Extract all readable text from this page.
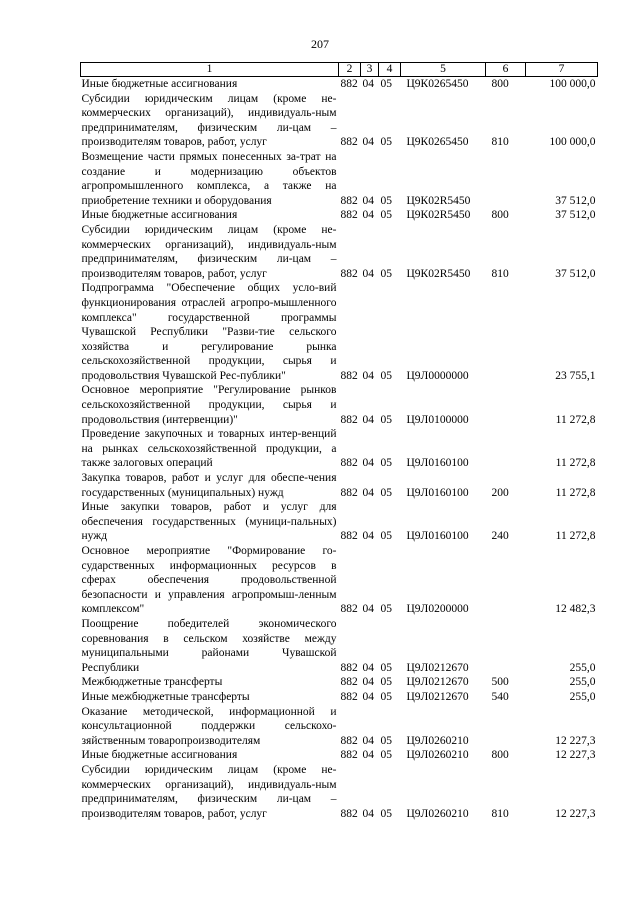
207
1	2	3	4	5	6	7
Иные бюджетные ассигнования	882	04	05	Ц9К0265450	800	100 000,0
Субсидии юридическим лицам (кроме не-коммерческих организаций), индивидуаль-ным предпринимателям, физическим ли-цам – производителям товаров, работ, услуг	882	04	05	Ц9К0265450	810	100 000,0
Возмещение части прямых понесенных за-трат на создание и модернизацию объектов агропромышленного комплекса, а также на приобретение техники и оборудования	882	04	05	Ц9К02R5450		37 512,0
Иные бюджетные ассигнования	882	04	05	Ц9К02R5450	800	37 512,0
Субсидии юридическим лицам (кроме не-коммерческих организаций), индивидуаль-ным предпринимателям, физическим ли-цам – производителям товаров, работ, услуг	882	04	05	Ц9К02R5450	810	37 512,0
Подпрограмма "Обеспечение общих усло-вий функционирования отраслей агропро-мышленного комплекса" государственной программы Чувашской Республики "Разви-тие сельского хозяйства и регулирование рынка сельскохозяйственной продукции, сырья и продовольствия Чувашской Рес-публики"	882	04	05	Ц9Л0000000		23 755,1
Основное мероприятие "Регулирование рынков сельскохозяйственной продукции, сырья и продовольствия (интервенции)"	882	04	05	Ц9Л0100000		11 272,8
Проведение закупочных и товарных интер-венций на рынках сельскохозяйственной продукции, а также залоговых операций	882	04	05	Ц9Л0160100		11 272,8
Закупка товаров, работ и услуг для обеспе-чения государственных (муниципальных) нужд	882	04	05	Ц9Л0160100	200	11 272,8
Иные закупки товаров, работ и услуг для обеспечения государственных (муници-пальных) нужд	882	04	05	Ц9Л0160100	240	11 272,8
Основное мероприятие "Формирование го-сударственных информационных ресурсов в сферах обеспечения продовольственной безопасности и управления агропромыш-ленным комплексом"	882	04	05	Ц9Л0200000		12 482,3
Поощрение победителей экономического соревнования в сельском хозяйстве между муниципальными районами Чувашской Республики	882	04	05	Ц9Л0212670		255,0
Межбюджетные трансферты	882	04	05	Ц9Л0212670	500	255,0
Иные межбюджетные трансферты	882	04	05	Ц9Л0212670	540	255,0
Оказание методической, информационной и консультационной поддержки сельскохо-зяйственным товаропроизводителям	882	04	05	Ц9Л0260210		12 227,3
Иные бюджетные ассигнования	882	04	05	Ц9Л0260210	800	12 227,3
Субсидии юридическим лицам (кроме не-коммерческих организаций), индивидуаль-ным предпринимателям, физическим ли-цам – производителям товаров, работ, услуг	882	04	05	Ц9Л0260210	810	12 227,3
